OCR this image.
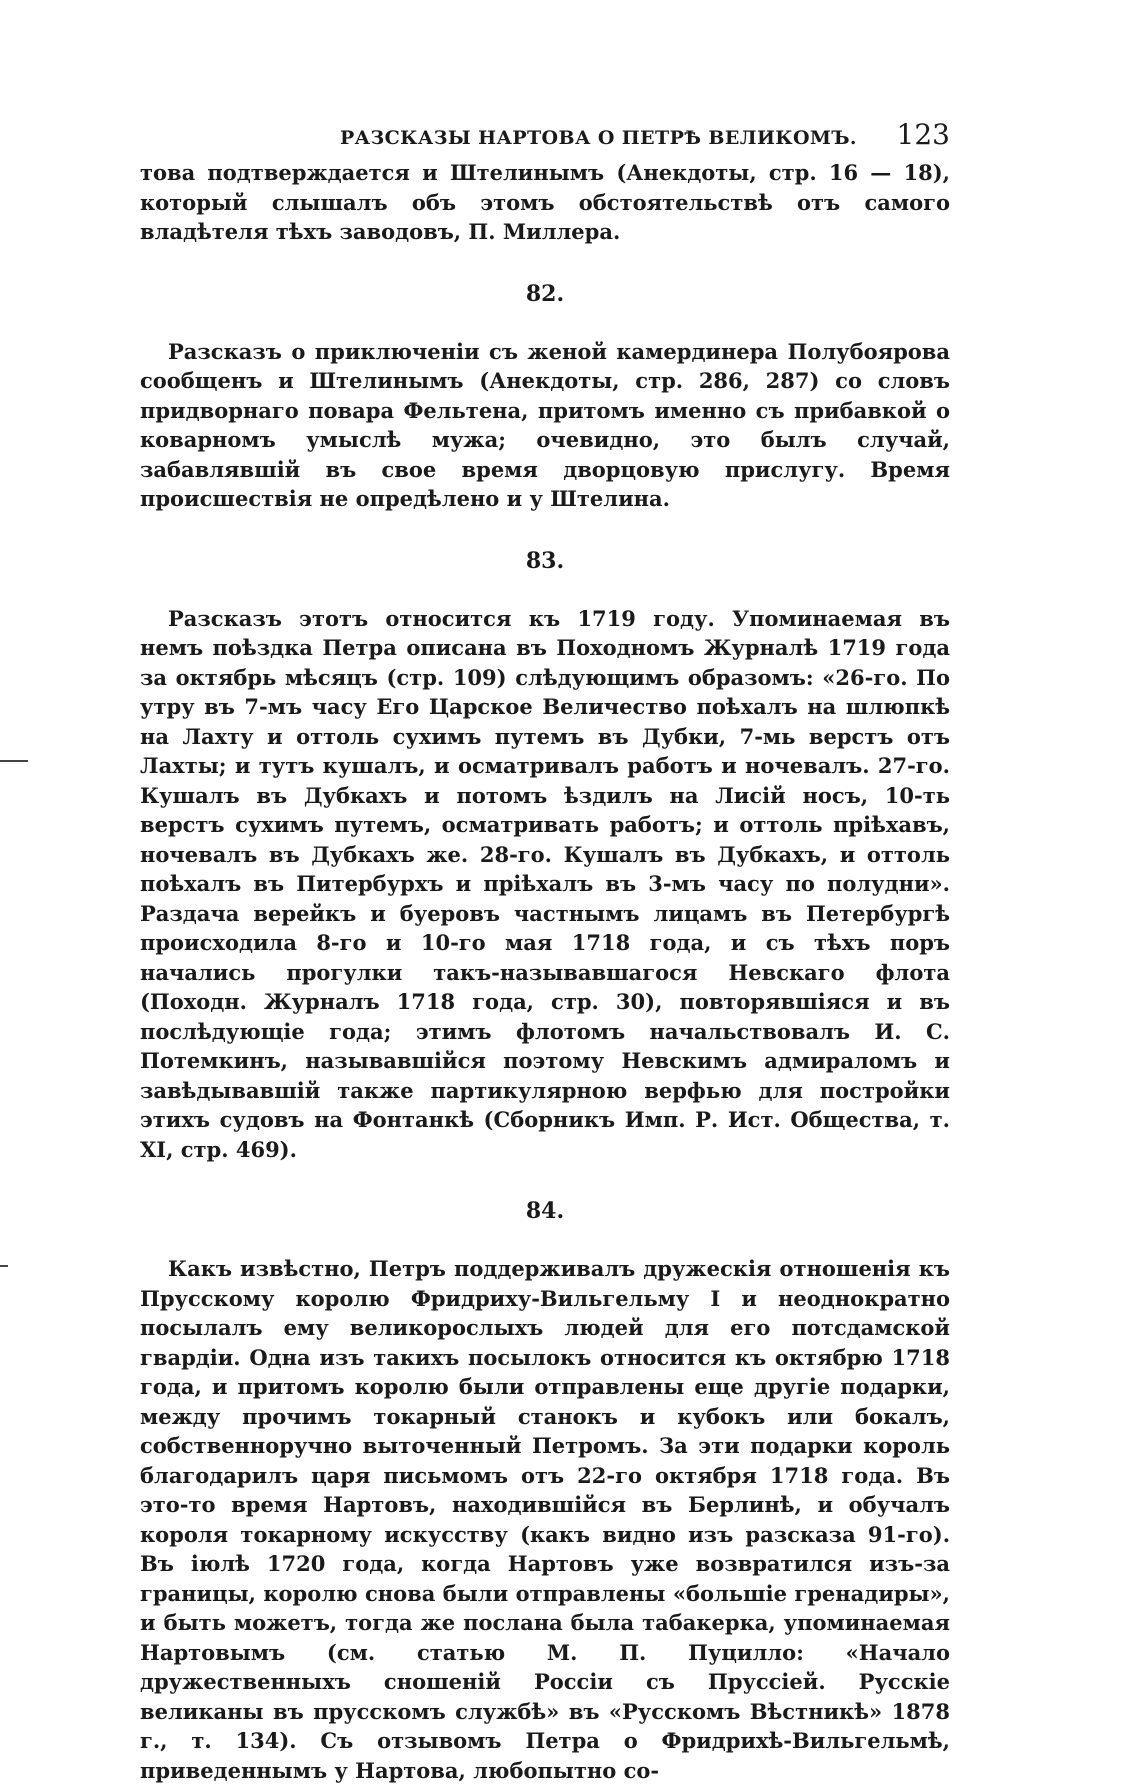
РАЗСКАЗЫ НАРТОВА О ПЕТРѢ ВЕЛИКОМЪ. 123

това подтверждается и Штелинымъ (Анекдоты, стр. 16 — 18), который слышалъ объ этомъ обстоятельствѣ отъ самого владѣтеля тѣхъ заводовъ, П. Миллера.

82.

Разсказъ о приключеніи съ женой камердинера Полубоярова сообщенъ и Штелинымъ (Анекдоты, стр. 286, 287) со словъ придворнаго повара Фельтена, притомъ именно съ прибавкой о коварномъ умыслѣ мужа; очевидно, это былъ случай, забавлявшій въ свое время дворцовую прислугу. Время происшествія не опредѣлено и у Штелина.

83.

Разсказъ этотъ относится къ 1719 году. Упоминаемая въ немъ поѣздка Петра описана въ Походномъ Журналѣ 1719 года за октябрь мѣсяцъ (стр. 109) слѣдующимъ образомъ: «26-го. По утру въ 7-мъ часу Его Царское Величество поѣхалъ на шлюпкѣ на Лахту и оттоль сухимъ путемъ въ Дубки, 7-мь верстъ отъ Лахты; и тутъ кушалъ, и осматривалъ работъ и ночевалъ. 27-го. Кушалъ въ Дубкахъ и потомъ ѣздилъ на Лисій носъ, 10-ть верстъ сухимъ путемъ, осматривать работъ; и оттоль пріѣхавъ, ночевалъ въ Дубкахъ же. 28-го. Кушалъ въ Дубкахъ, и оттоль поѣхалъ въ Питербурхъ и пріѣхалъ въ 3-мъ часу по полудни». Раздача верейкъ и буеровъ частнымъ лицамъ въ Петербургѣ происходила 8-го и 10-го мая 1718 года, и съ тѣхъ поръ начались прогулки такъ-называвшагося Невскаго флота (Походн. Журналъ 1718 года, стр. 30), повторявшіяся и въ послѣдующіе года; этимъ флотомъ начальствовалъ И. С. Потемкинъ, называвшійся поэтому Невскимъ адмираломъ и завѣдывавшій также партикулярною верфью для постройки этихъ судовъ на Фонтанкѣ (Сборникъ Имп. Р. Ист. Общества, т. XI, стр. 469).

84.

Какъ извѣстно, Петръ поддерживалъ дружескія отношенія къ Прусскому королю Фридриху-Вильгельму I и неоднократно посылалъ ему великорослыхъ людей для его потсдамской гвардіи. Одна изъ такихъ посылокъ относится къ октябрю 1718 года, и притомъ королю были отправлены еще другіе подарки, между прочимъ токарный станокъ и кубокъ или бокалъ, собственноручно выточенный Петромъ. За эти подарки король благодарилъ царя письмомъ отъ 22-го октября 1718 года. Въ это-то время Нартовъ, находившійся въ Берлинѣ, и обучалъ короля токарному искусству (какъ видно изъ разсказа 91-го). Въ іюлѣ 1720 года, когда Нартовъ уже возвратился изъ-за границы, королю снова были отправлены «большіе гренадиры», и быть можетъ, тогда же послана была табакерка, упоминаемая Нартовымъ (см. статью М. П. Пуцилло: «Начало дружественныхъ сношеній Россіи съ Пруссіей. Русскіе великаны въ прусскомъ службѣ» въ «Русскомъ Вѣстникѣ» 1878 г., т. 134). Съ отзывомъ Петра о Фридрихѣ-Вильгельмѣ, приведеннымъ у Нартова, любопытно со-
